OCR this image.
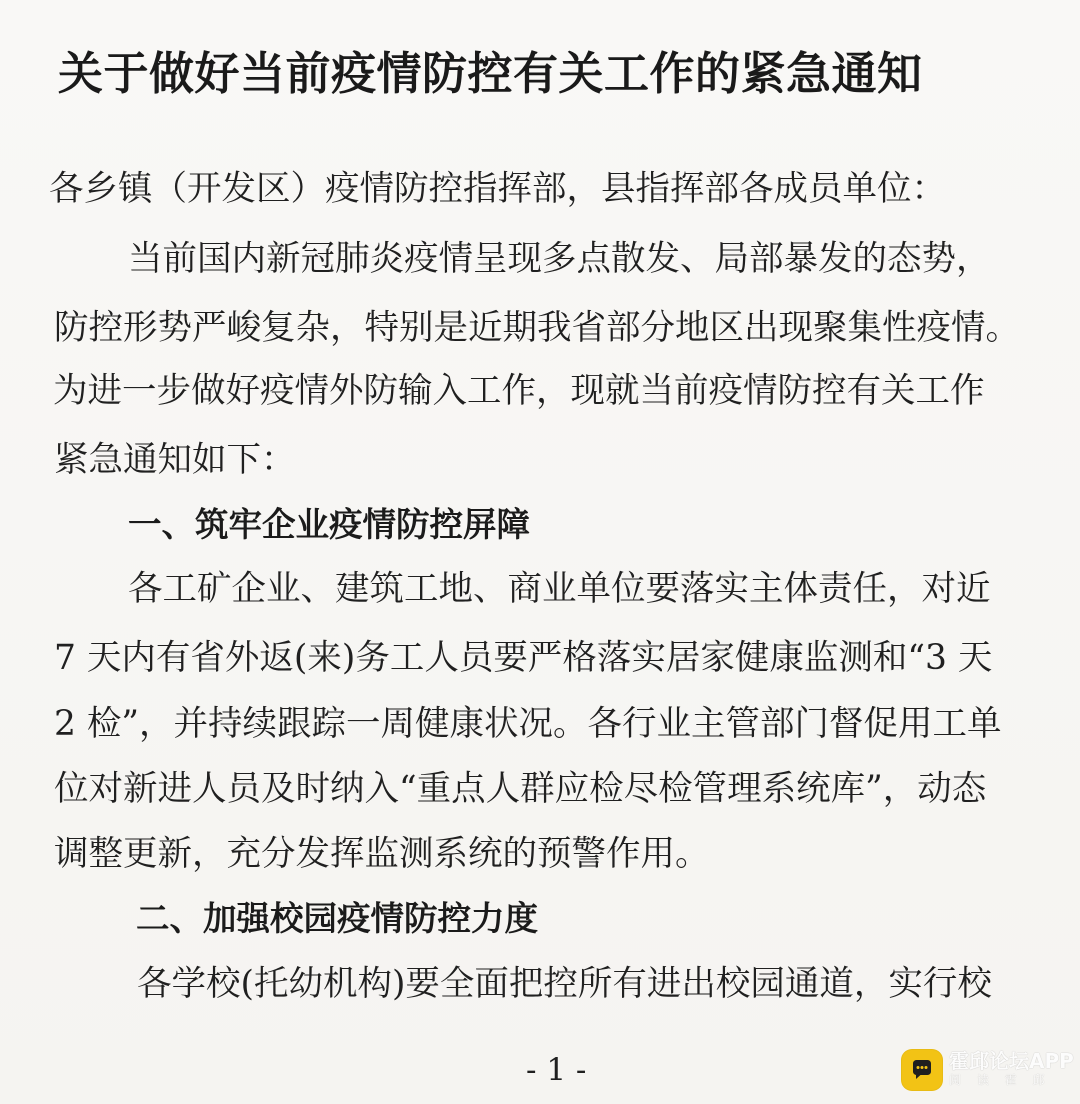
关于做好当前疫情防控有关工作的紧急通知
各乡镇（开发区）疫情防控指挥部，县指挥部各成员单位：
当前国内新冠肺炎疫情呈现多点散发、局部暴发的态势，
防控形势严峻复杂，特别是近期我省部分地区出现聚集性疫情。
为进一步做好疫情外防输入工作，现就当前疫情防控有关工作
紧急通知如下：
一、筑牢企业疫情防控屏障
各工矿企业、建筑工地、商业单位要落实主体责任，对近
7 天内有省外返(来)务工人员要严格落实居家健康监测和“3 天
2 检”，并持续跟踪一周健康状况。各行业主管部门督促用工单
位对新进人员及时纳入“重点人群应检尽检管理系统库”，动态
调整更新，充分发挥监测系统的预警作用。
二、加强校园疫情防控力度
各学校(托幼机构)要全面把控所有进出校园通道，实行校
- 1 -	霍邱论坛APP
阅 读 霍 邱
